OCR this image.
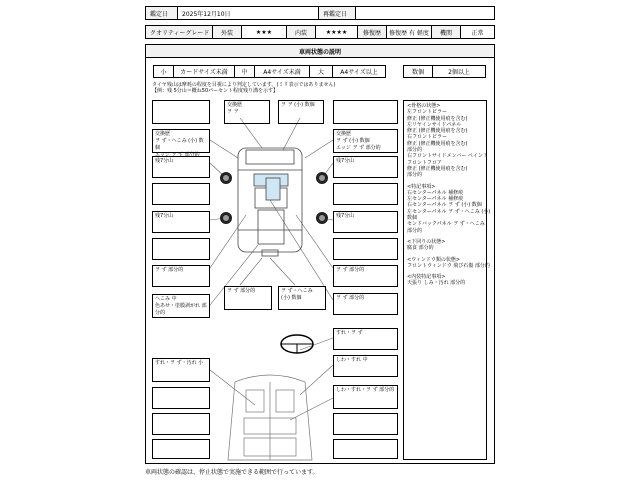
鑑定日	2025年12月10日	再鑑定日
クオリティーグレード	外装	★★★	内装	★★★★	修復歴	修復歴 有 軽度	機関	正常
車両状態の説明
小	カードサイズ未満	中	A4サイズ未満	大	A4サイズ以上	数個	2個以上
タイヤ残山は摩耗の程度を目視により判定しています。(ミリ表示ではありません)
【例：残 5分山＝概ね50パーセント程度残り溝を示す】
交換歴
ヲ ヲ
ヲ ヲ (小) 数個
交換歴
ヲ ず・へこみ (小) 数個
エッジ ヲ ず 部分的
交換歴
ヲ ず (小) 数個
エッジ ヲ ず 部分的
残7分山	残7分山
残7分山	残7分山
ヲ ず 部分的	ヲ ず 部分的
へこみ 中
色あせ・塗膜剥がれ 部分的
ヲ ず 部分的	ヲ ず・へこみ (小) 数個	ヲ ず 部分的
すれ・ヲ ず
しわ・すれ 中
すれ・ヲ ず・汚れ 小
しわ・すれ・ヲ ず 部分的
<骨格の状態>
左フロントピラー
修正 (修正機使用痕を含む)
左リヤインサイドパネル
修正 (修正機使用痕を含む)
右フロントピラー
修正 (修正機使用痕を含む)
部分的
右フロントサイドメンバー ペイント
フロントフロア
修正 (修正機使用痕を含む)
部分的
<特記事項>
右センターパネル 補修痕
左センターパネル 補修痕
右センターパネル ヲ ず (小) 数個
左センターパネル ヲ ず・へこみ (小)
数個
センドバックパネル ヲ ず・へこみ
部分的
<下回りの状態>
腐食 部分的
<ウィンドウ類の状態>
フロントウィンドウ 飛び石傷 部分的
<内装特記事項>
天張り しみ・汚れ 部分的
車両状態の確認は、停止状態で実施できる範囲で行っています。
